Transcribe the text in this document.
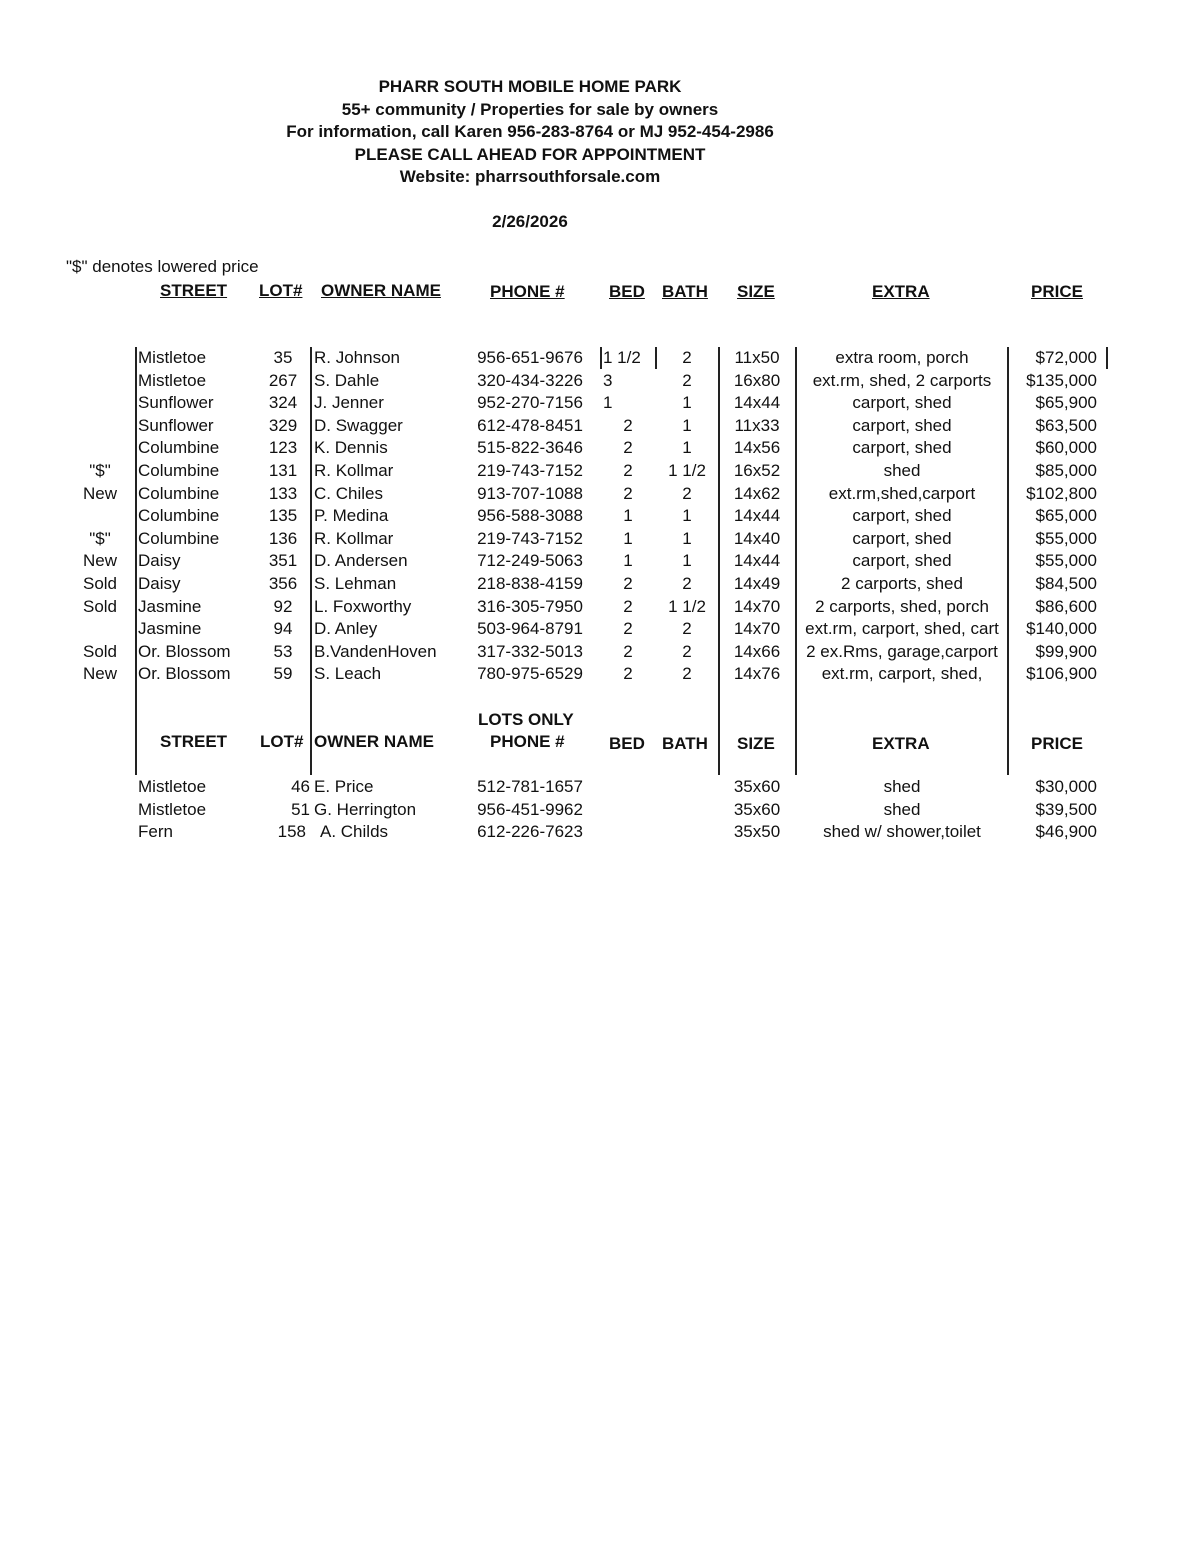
PHARR SOUTH MOBILE HOME PARK
55+ community / Properties for sale by owners
For information, call Karen 956-283-8764 or MJ 952-454-2986
PLEASE CALL AHEAD FOR APPOINTMENT
Website: pharrsouthforsale.com
2/26/2026
"$" denotes lowered price
STREET LOT# OWNER NAME	PHONE #	BED BATH SIZE	EXTRA	PRICE
Mistletoe	35	R. Johnson	956-651-9676	1 1/2	2	11x50	extra room, porch	$72,000
Mistletoe	267 S. Dahle	320-434-3226	3	2	16x80	ext.rm, shed, 2 carports	$135,000
Sunflower	324 J. Jenner	952-270-7156	1	1	14x44	carport, shed	$65,900
Sunflower	329 D. Swagger	612-478-8451	2	1	11x33	carport, shed	$63,500
Columbine	123 K. Dennis	515-822-3646	2	1	14x56	carport, shed	$60,000
"$"	Columbine	131 R. Kollmar	219-743-7152	2	1 1/2	16x52	shed	$85,000
New	Columbine	133 C. Chiles	913-707-1088	2	2	14x62	ext.rm,shed,carport	$102,800
Columbine	135 P. Medina	956-588-3088	1	1	14x44	carport, shed	$65,000
"$"	Columbine	136 R. Kollmar	219-743-7152	1	1	14x40	carport, shed	$55,000
New	Daisy	351 D. Andersen	712-249-5063	1	1	14x44	carport, shed	$55,000
Sold	Daisy	356 S. Lehman	218-838-4159	2	2	14x49	2 carports, shed	$84,500
Sold	Jasmine	92	L. Foxworthy	316-305-7950	2	1 1/2	14x70	2 carports, shed, porch	$86,600
Jasmine	94	D. Anley	503-964-8791	2	2	14x70	ext.rm, carport, shed, cart	$140,000
Sold	Or. Blossom	53	B.VandenHoven	317-332-5013	2	2	14x66	2 ex.Rms, garage,carport	$99,900
New	Or. Blossom	59	S. Leach	780-975-6529	2	2	14x76	ext.rm, carport, shed,	$106,900
LOTS ONLY
STREET LOT# OWNER NAME	PHONE #	BED BATH SIZE	EXTRA	PRICE
Mistletoe	46 E. Price	512-781-1657	35x60	shed	$30,000
Mistletoe	51 G. Herrington	956-451-9962	35x60	shed	$39,500
Fern	158 A. Childs	612-226-7623	35x50	shed w/ shower,toilet	$46,900
